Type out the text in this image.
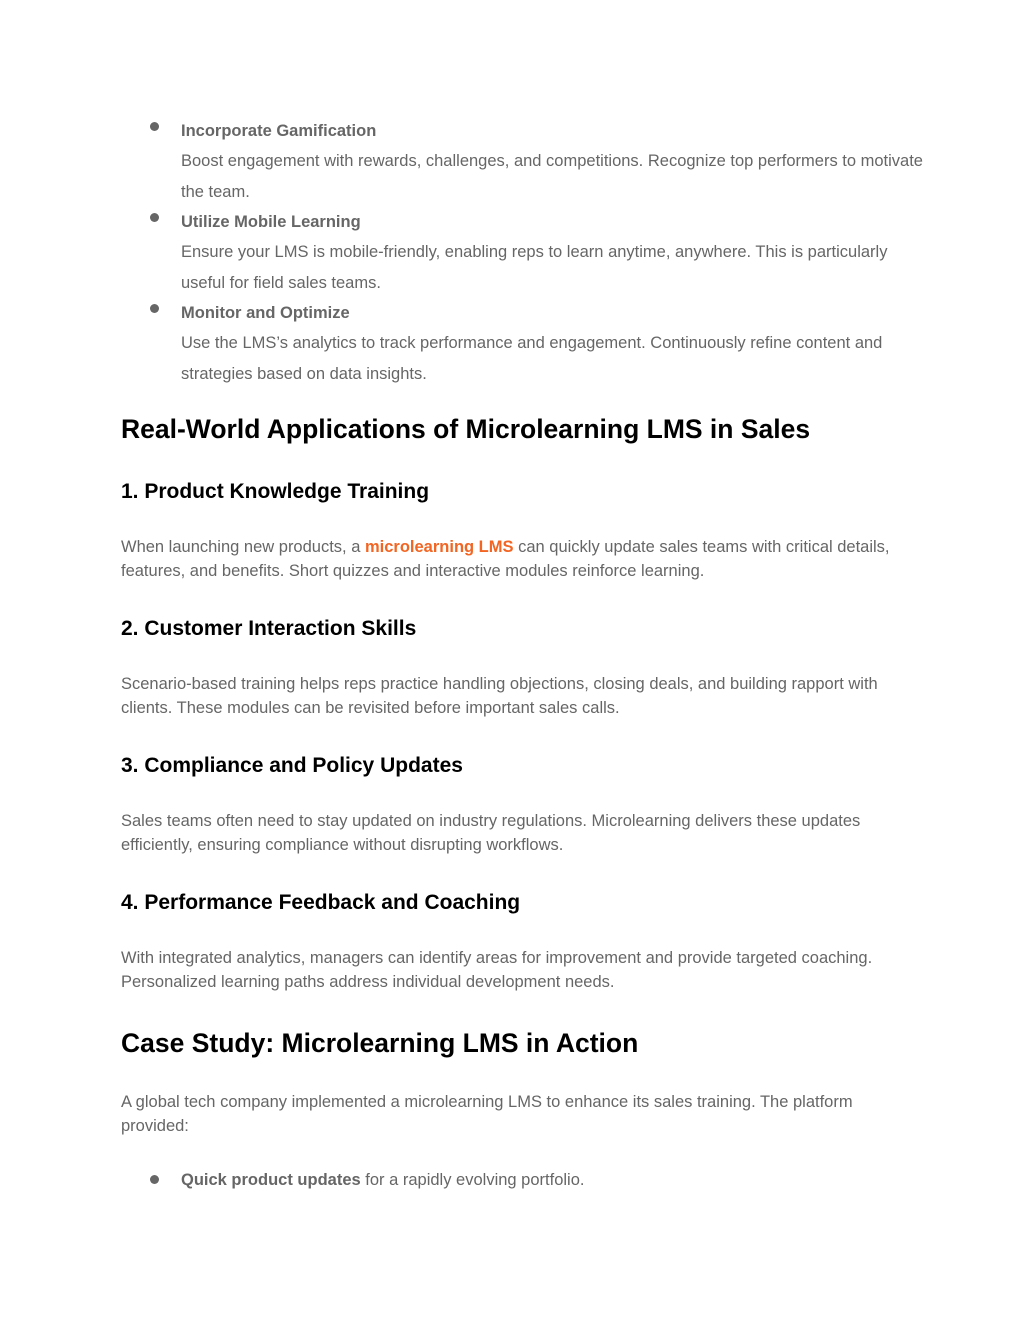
Incorporate Gamification
Boost engagement with rewards, challenges, and competitions. Recognize top performers to motivate the team.
Utilize Mobile Learning
Ensure your LMS is mobile-friendly, enabling reps to learn anytime, anywhere. This is particularly useful for field sales teams.
Monitor and Optimize
Use the LMS’s analytics to track performance and engagement. Continuously refine content and strategies based on data insights.
Real-World Applications of Microlearning LMS in Sales
1. Product Knowledge Training

When launching new products, a microlearning LMS can quickly update sales teams with critical details, features, and benefits. Short quizzes and interactive modules reinforce learning.

2. Customer Interaction Skills

Scenario-based training helps reps practice handling objections, closing deals, and building rapport with clients. These modules can be revisited before important sales calls.

3. Compliance and Policy Updates

Sales teams often need to stay updated on industry regulations. Microlearning delivers these updates efficiently, ensuring compliance without disrupting workflows.

4. Performance Feedback and Coaching

With integrated analytics, managers can identify areas for improvement and provide targeted coaching. Personalized learning paths address individual development needs.

Case Study: Microlearning LMS in Action

A global tech company implemented a microlearning LMS to enhance its sales training. The platform provided:

Quick product updates for a rapidly evolving portfolio.
